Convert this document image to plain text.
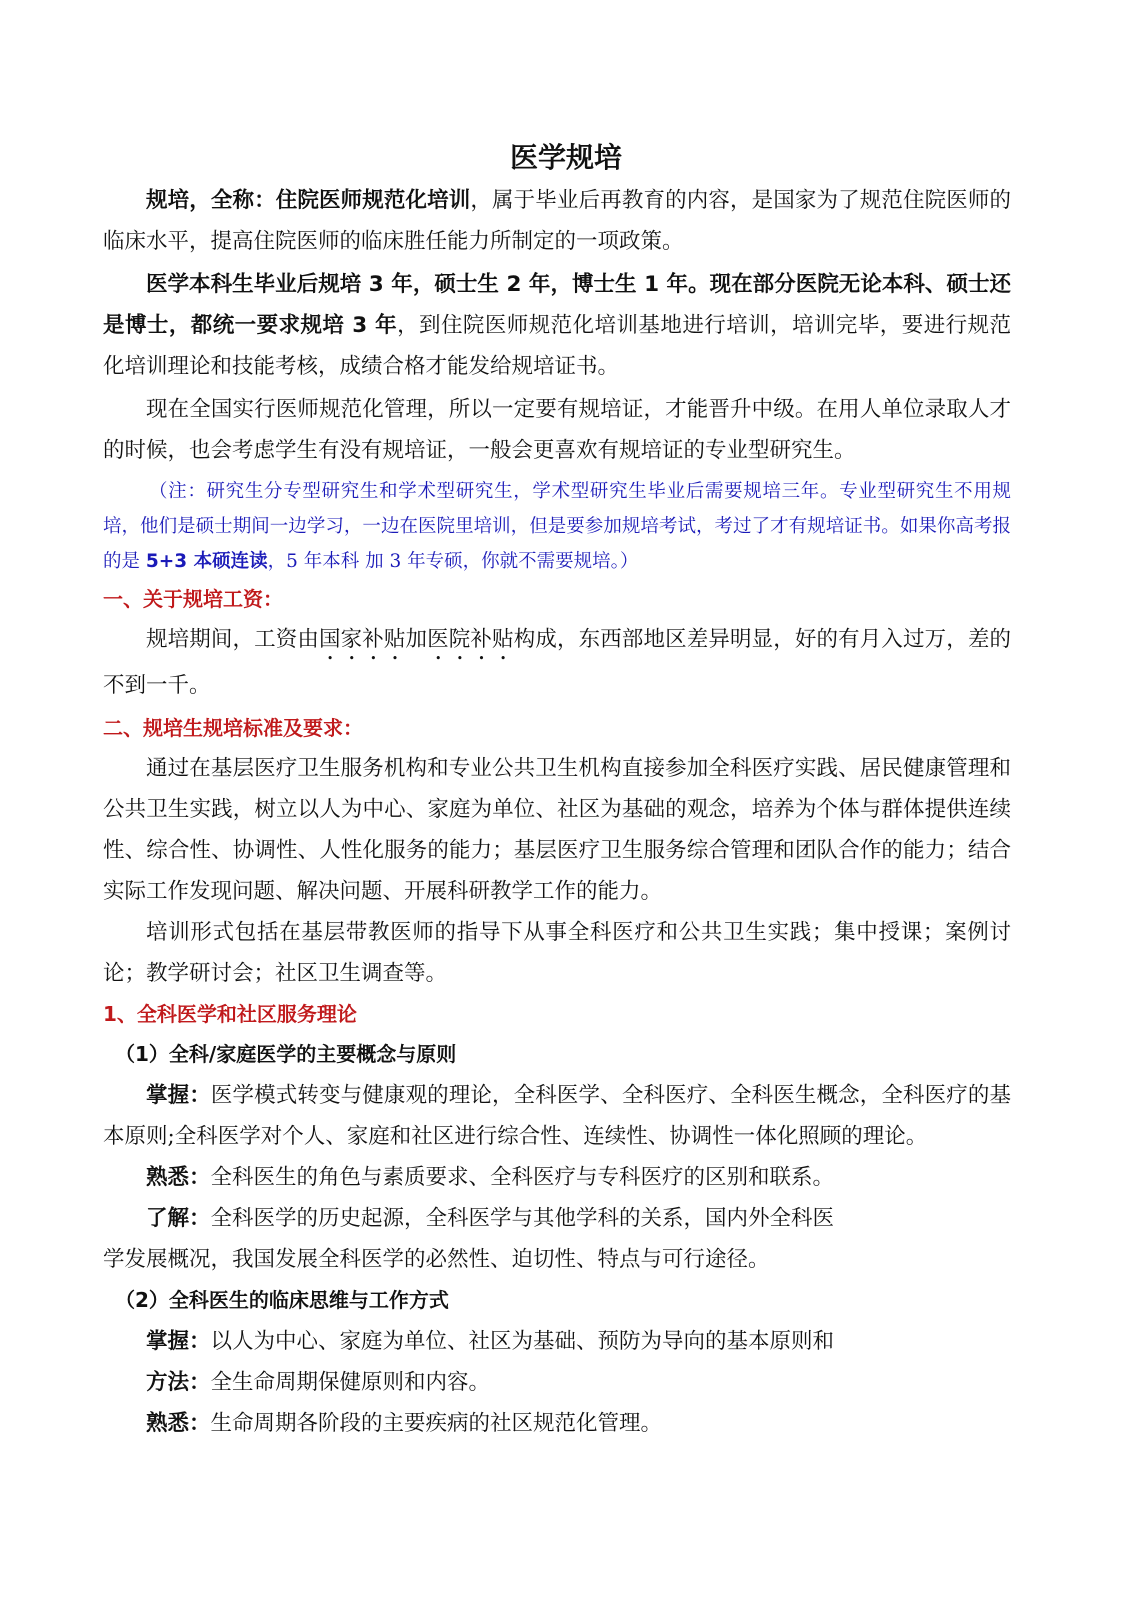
医学规培

规培，全称：住院医师规范化培训，属于毕业后再教育的内容，是国家为了规范住院医师的临床水平，提高住院医师的临床胜任能力所制定的一项政策。

医学本科生毕业后规培 3 年，硕士生 2 年，博士生 1 年。现在部分医院无论本科、硕士还是博士，都统一要求规培 3 年，到住院医师规范化培训基地进行培训，培训完毕，要进行规范化培训理论和技能考核，成绩合格才能发给规培证书。

现在全国实行医师规范化管理，所以一定要有规培证，才能晋升中级。在用人单位录取人才的时候，也会考虑学生有没有规培证，一般会更喜欢有规培证的专业型研究生。

（注：研究生分专型研究生和学术型研究生，学术型研究生毕业后需要规培三年。专业型研究生不用规培，他们是硕士期间一边学习，一边在医院里培训，但是要参加规培考试，考过了才有规培证书。如果你高考报的是 5+3 本硕连读，5 年本科 加 3 年专硕，你就不需要规培。）

一、关于规培工资：

规培期间，工资由国家补贴加医院补贴构成，东西部地区差异明显，好的有月入过万，差的不到一千。

二、规培生规培标准及要求：

通过在基层医疗卫生服务机构和专业公共卫生机构直接参加全科医疗实践、居民健康管理和公共卫生实践，树立以人为中心、家庭为单位、社区为基础的观念，培养为个体与群体提供连续性、综合性、协调性、人性化服务的能力；基层医疗卫生服务综合管理和团队合作的能力；结合实际工作发现问题、解决问题、开展科研教学工作的能力。

培训形式包括在基层带教医师的指导下从事全科医疗和公共卫生实践；集中授课；案例讨论；教学研讨会；社区卫生调查等。

1、全科医学和社区服务理论

（1）全科/家庭医学的主要概念与原则

掌握：医学模式转变与健康观的理论，全科医学、全科医疗、全科医生概念，全科医疗的基本原则;全科医学对个人、家庭和社区进行综合性、连续性、协调性一体化照顾的理论。

熟悉：全科医生的角色与素质要求、全科医疗与专科医疗的区别和联系。

了解：全科医学的历史起源，全科医学与其他学科的关系，国内外全科医

学发展概况，我国发展全科医学的必然性、迫切性、特点与可行途径。

（2）全科医生的临床思维与工作方式

掌握：以人为中心、家庭为单位、社区为基础、预防为导向的基本原则和

方法：全生命周期保健原则和内容。

熟悉：生命周期各阶段的主要疾病的社区规范化管理。
